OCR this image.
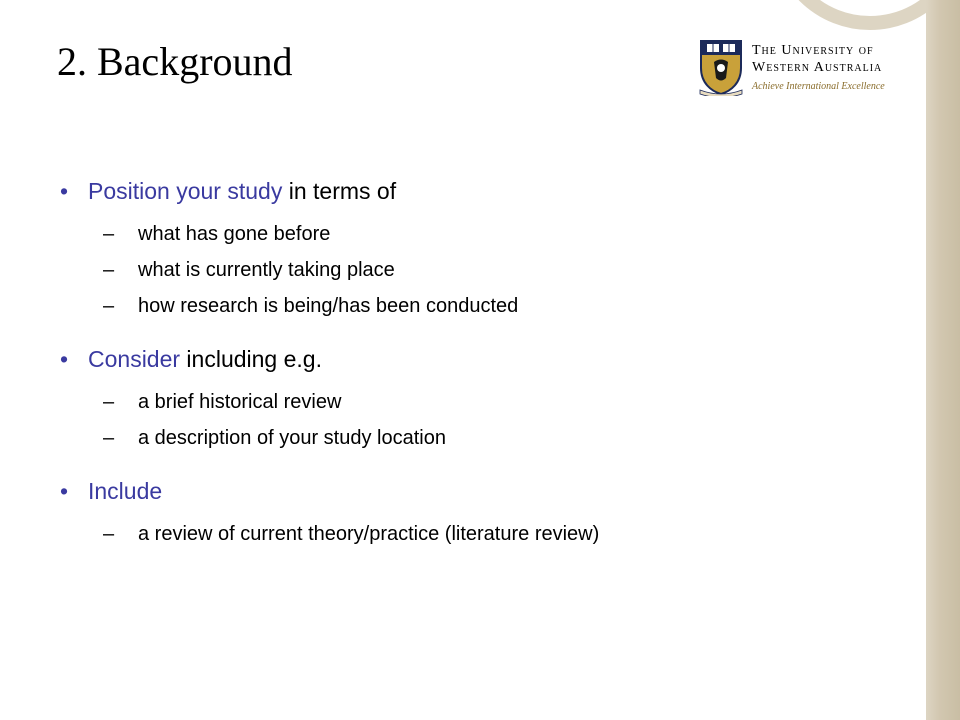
2. Background	The University of
Western Australia
Achieve International Excellence
• Position your study in terms of
– what has gone before
– what is currently taking place
– how research is being/has been conducted
• Consider including e.g.
– a brief historical review
– a description of your study location
• Include
– a review of current theory/practice (literature review)
